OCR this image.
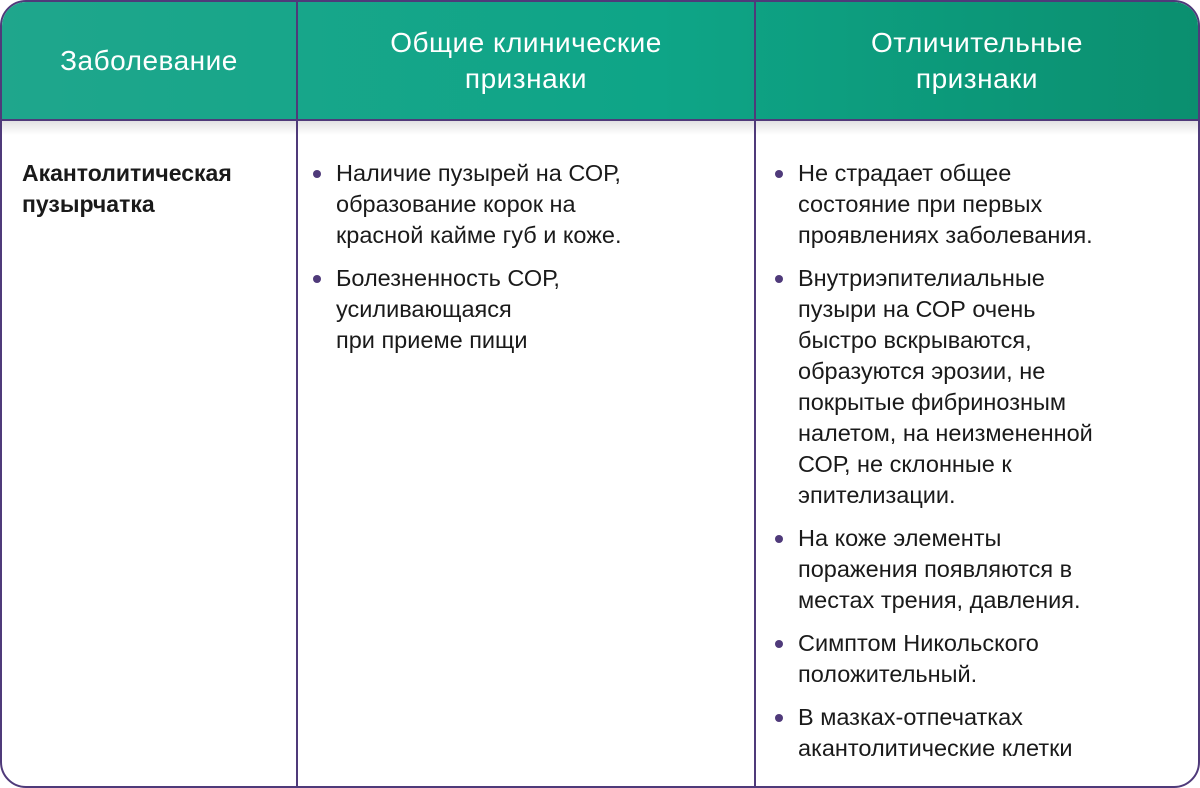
Заболевание
Общие клинические
признаки
Отличительные
признаки
Акантолитическая
пузырчатка
Наличие пузырей на СОР,
образование корок на
красной кайме губ и коже.
Болезненность СОР,
усиливающаяся
при приеме пищи
Не страдает общее
состояние при первых
проявлениях заболевания.
Внутриэпителиальные
пузыри на СОР очень
быстро вскрываются,
образуются эрозии, не
покрытые фибринозным
налетом, на неизмененной
СОР, не склонные к
эпителизации.
На коже элементы
поражения появляются в
местах трения, давления.
Симптом Никольского
положительный.
В мазках-отпечатках
акантолитические клетки
